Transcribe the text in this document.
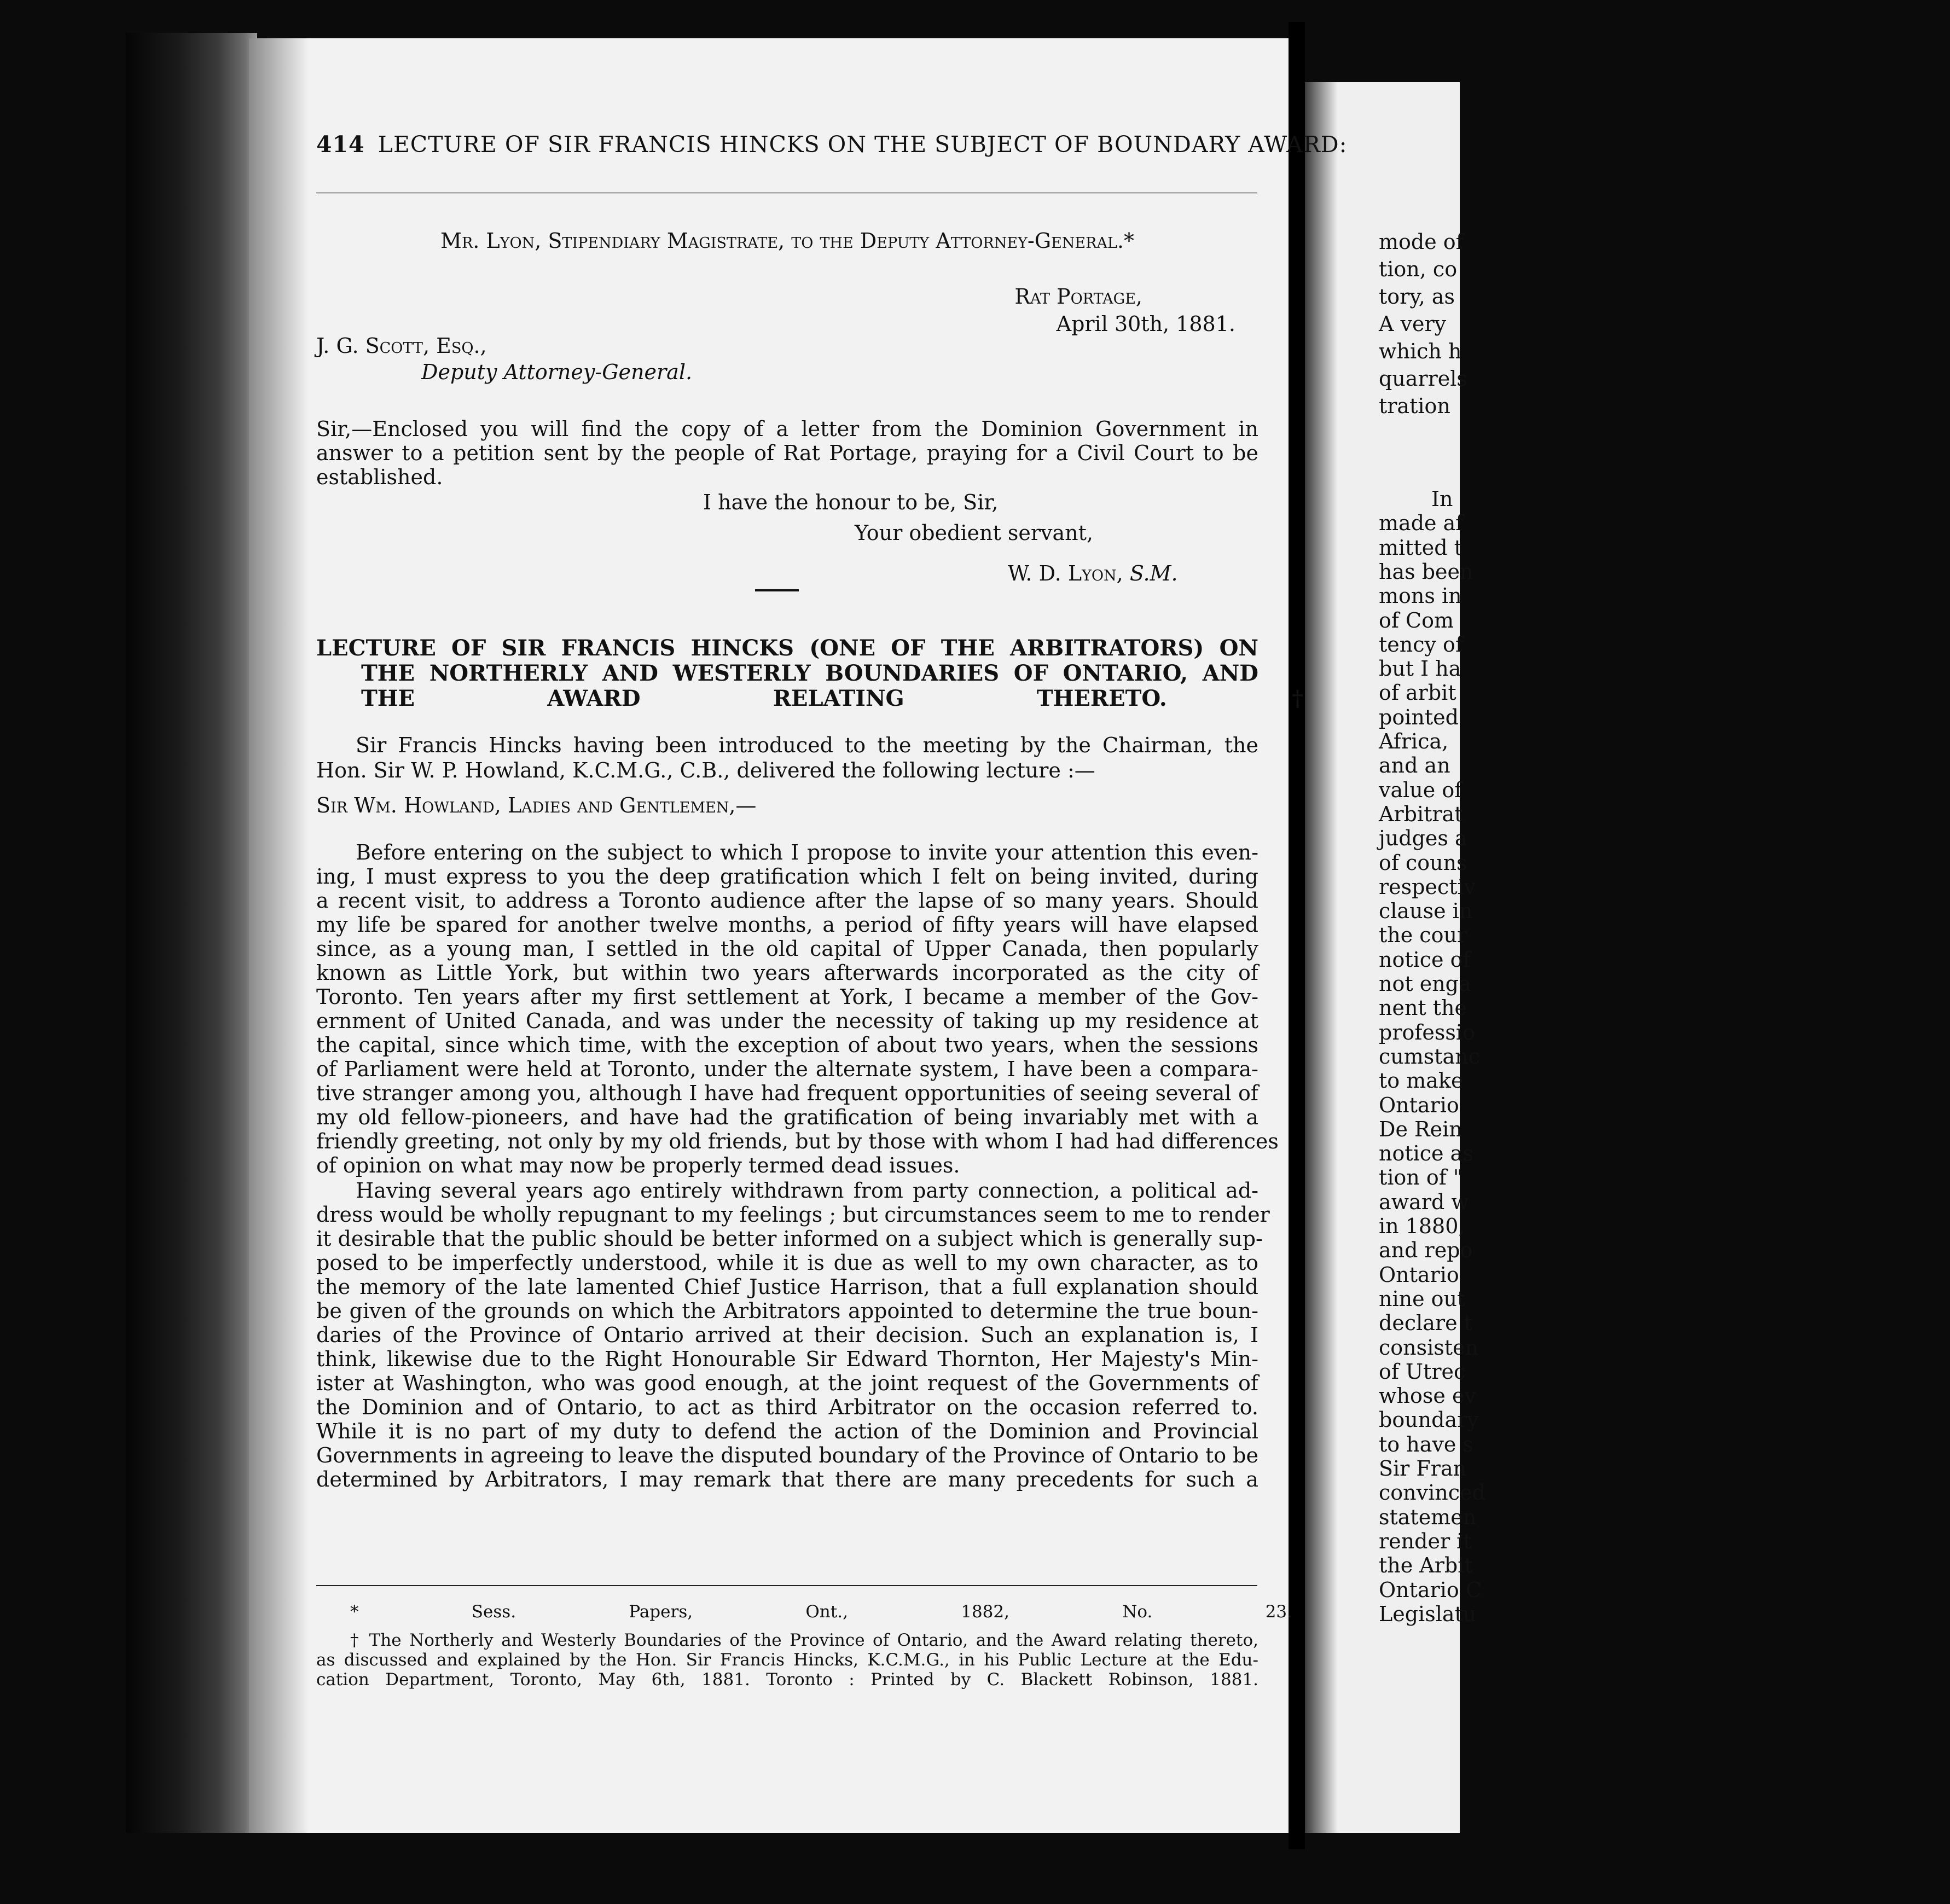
414 LECTURE OF SIR FRANCIS HINCKS ON THE SUBJECT OF BOUNDARY AWARD:
Mr. Lyon, Stipendiary Magistrate, to the Deputy Attorney-General.*
Rat Portage,
April 30th, 1881.
J. G. Scott, Esq.,
Deputy Attorney-General.
Sir,—Enclosed you will find the copy of a letter from the Dominion Government in
answer to a petition sent by the people of Rat Portage, praying for a Civil Court to be
established.
I have the honour to be, Sir,
Your obedient servant,
W. D. Lyon, S.M.
LECTURE OF SIR FRANCIS HINCKS (ONE OF THE ARBITRATORS) ON
THE NORTHERLY AND WESTERLY BOUNDARIES OF ONTARIO, AND
THE AWARD RELATING THERETO.†
Sir Francis Hincks having been introduced to the meeting by the Chairman, the
Hon. Sir W. P. Howland, K.C.M.G., C.B., delivered the following lecture :—
Sir Wm. Howland, Ladies and Gentlemen,—
Before entering on the subject to which I propose to invite your attention this even-
ing, I must express to you the deep gratification which I felt on being invited, during
a recent visit, to address a Toronto audience after the lapse of so many years. Should
my life be spared for another twelve months, a period of fifty years will have elapsed
since, as a young man, I settled in the old capital of Upper Canada, then popularly
known as Little York, but within two years afterwards incorporated as the city of
Toronto. Ten years after my first settlement at York, I became a member of the Gov-
ernment of United Canada, and was under the necessity of taking up my residence at
the capital, since which time, with the exception of about two years, when the sessions
of Parliament were held at Toronto, under the alternate system, I have been a compara-
tive stranger among you, although I have had frequent opportunities of seeing several of
my old fellow-pioneers, and have had the gratification of being invariably met with a
friendly greeting, not only by my old friends, but by those with whom I had had differences
of opinion on what may now be properly termed dead issues.
Having several years ago entirely withdrawn from party connection, a political ad-
dress would be wholly repugnant to my feelings ; but circumstances seem to me to render
it desirable that the public should be better informed on a subject which is generally sup-
posed to be imperfectly understood, while it is due as well to my own character, as to
the memory of the late lamented Chief Justice Harrison, that a full explanation should
be given of the grounds on which the Arbitrators appointed to determine the true boun-
daries of the Province of Ontario arrived at their decision. Such an explanation is, I
think, likewise due to the Right Honourable Sir Edward Thornton, Her Majesty's Min-
ister at Washington, who was good enough, at the joint request of the Governments of
the Dominion and of Ontario, to act as third Arbitrator on the occasion referred to.
While it is no part of my duty to defend the action of the Dominion and Provincial
Governments in agreeing to leave the disputed boundary of the Province of Ontario to be
determined by Arbitrators, I may remark that there are many precedents for such a
* Sess. Papers, Ont., 1882, No. 23.
† The Northerly and Westerly Boundaries of the Province of Ontario, and the Award relating thereto,
as discussed and explained by the Hon. Sir Francis Hincks, K.C.M.G., in his Public Lecture at the Edu-
cation Department, Toronto, May 6th, 1881. Toronto : Printed by C. Blackett Robinson, 1881.
mode of
tion, co
tory, as
A very
which h
quarrels
tration
In
made af
mitted t
has been
mons in
of Com
tency of
but I ha
of arbit
pointed
Africa,
and an
value of
Arbitrat
judges a
of couns
respectiv
clause in
the cour
notice of
not enga
nent the
professio
cumstanc
to make
Ontario
De Rein
notice as
tion of "
award w
in 1880,
and repo
Ontario
nine out
declare t
consisten
of Utrec
whose ev
boundary
to have s
Sir Fran
convinced
statemen
render it
the Arbit
Ontario C
Legislatu
